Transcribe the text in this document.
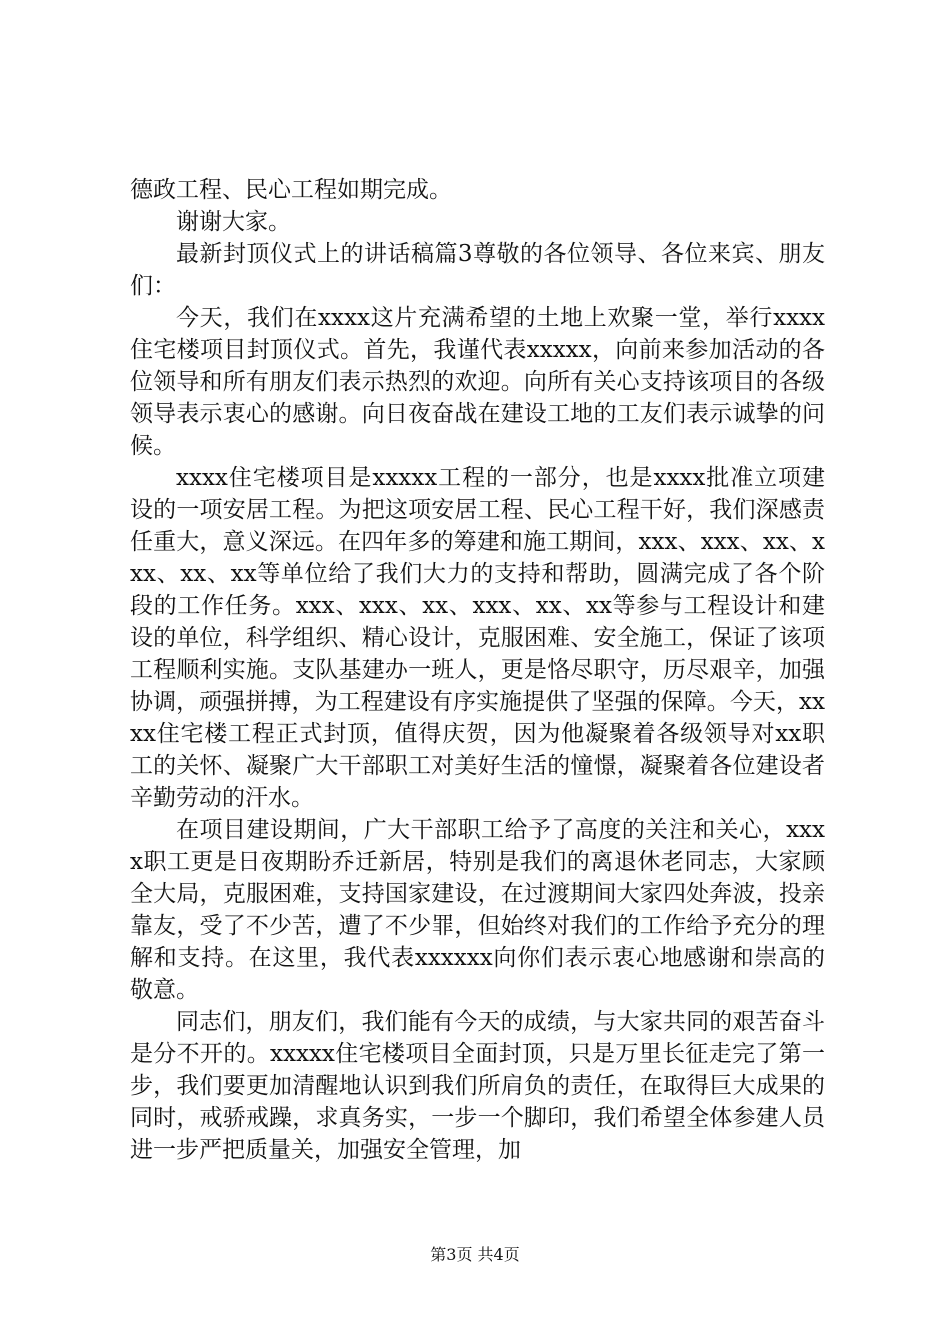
德政工程、民心工程如期完成。

谢谢大家。

最新封顶仪式上的讲话稿篇3尊敬的各位领导、各位来宾、朋友们：

今天，我们在xxxx这片充满希望的土地上欢聚一堂，举行xxxx住宅楼项目封顶仪式。首先，我谨代表xxxxx，向前来参加活动的各位领导和所有朋友们表示热烈的欢迎。向所有关心支持该项目的各级领导表示衷心的感谢。向日夜奋战在建设工地的工友们表示诚挚的问候。

xxxx住宅楼项目是xxxxx工程的一部分，也是xxxx批准立项建设的一项安居工程。为把这项安居工程、民心工程干好，我们深感责任重大，意义深远。在四年多的筹建和施工期间，xxx、xxx、xx、xxx、xx、xx等单位给了我们大力的支持和帮助，圆满完成了各个阶段的工作任务。xxx、xxx、xx、xxx、xx、xx等参与工程设计和建设的单位，科学组织、精心设计，克服困难、安全施工，保证了该项工程顺利实施。支队基建办一班人，更是恪尽职守，历尽艰辛，加强协调，顽强拼搏，为工程建设有序实施提供了坚强的保障。今天，xxxx住宅楼工程正式封顶，值得庆贺，因为他凝聚着各级领导对xx职工的关怀、凝聚广大干部职工对美好生活的憧憬，凝聚着各位建设者辛勤劳动的汗水。

在项目建设期间，广大干部职工给予了高度的关注和关心，xxxx职工更是日夜期盼乔迁新居，特别是我们的离退休老同志，大家顾全大局，克服困难，支持国家建设，在过渡期间大家四处奔波，投亲靠友，受了不少苦，遭了不少罪，但始终对我们的工作给予充分的理解和支持。在这里，我代表xxxxxx向你们表示衷心地感谢和崇高的敬意。

同志们，朋友们，我们能有今天的成绩，与大家共同的艰苦奋斗是分不开的。xxxxx住宅楼项目全面封顶，只是万里长征走完了第一步，我们要更加清醒地认识到我们所肩负的责任，在取得巨大成果的同时，戒骄戒躁，求真务实，一步一个脚印，我们希望全体参建人员进一步严把质量关，加强安全管理，加

第3页 共4页
